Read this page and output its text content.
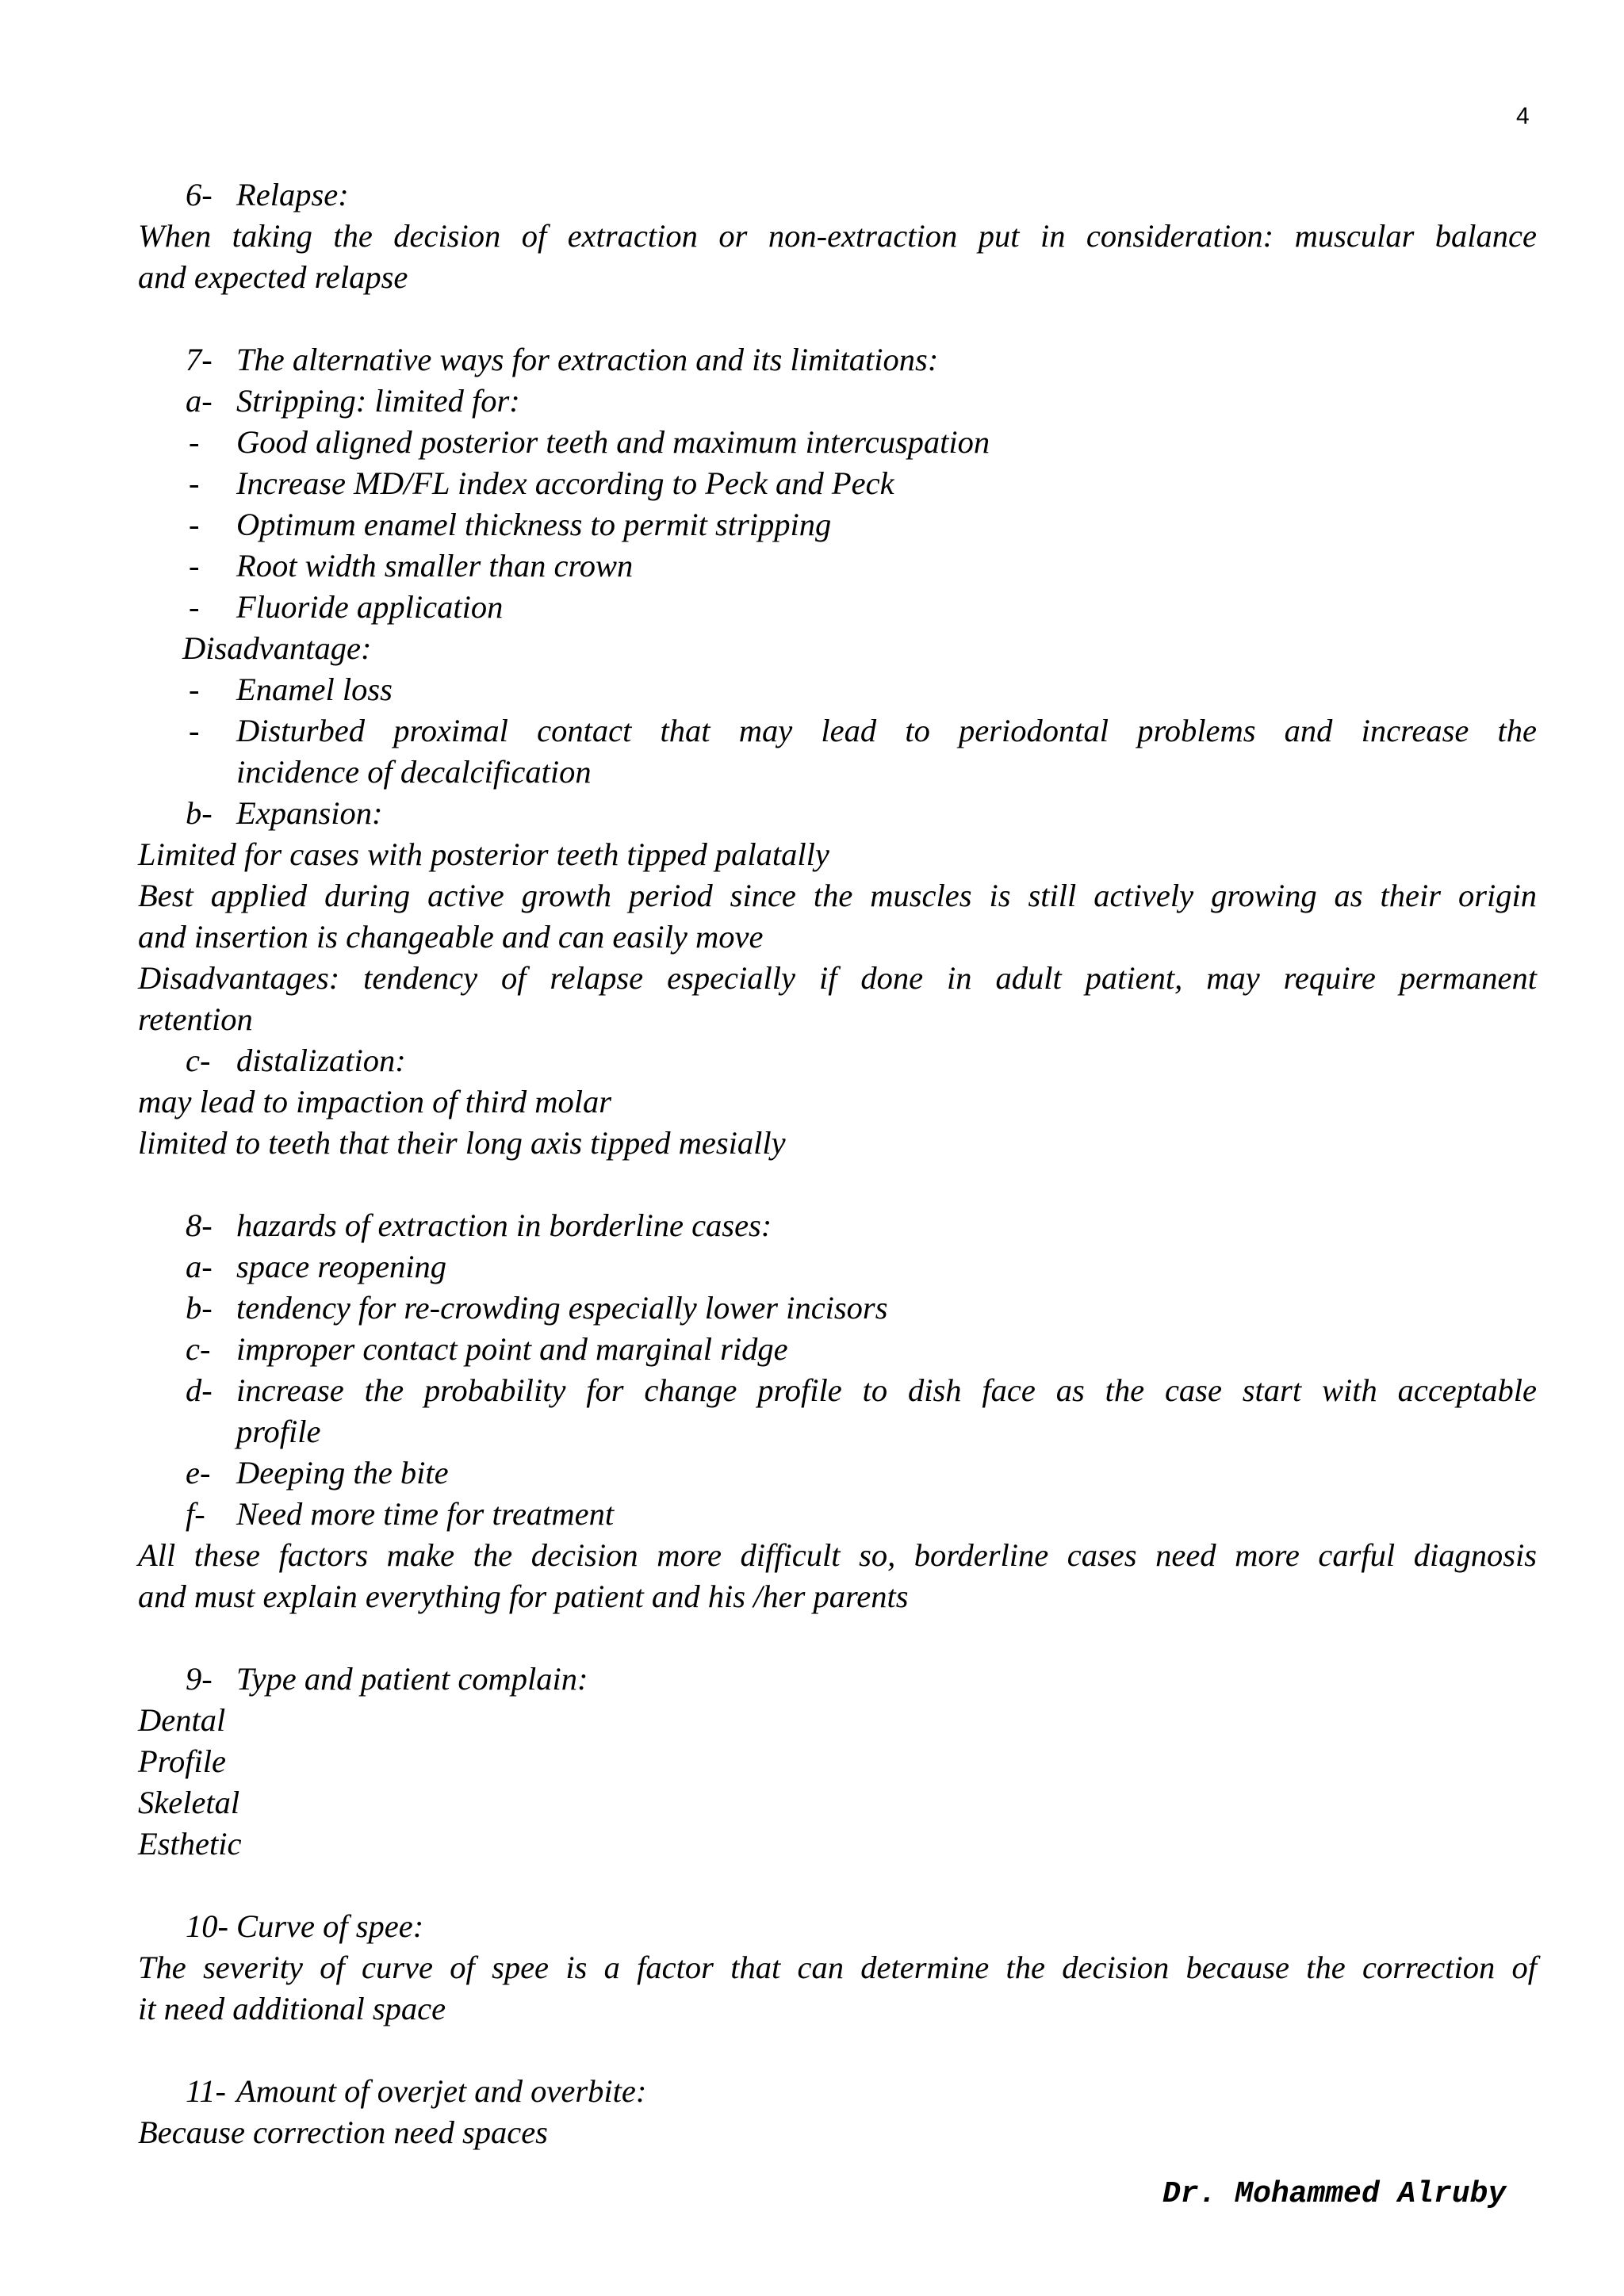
4
6- Relapse:
When taking the decision of extraction or non-extraction put in consideration: muscular balance
and expected relapse
7- The alternative ways for extraction and its limitations:
a- Stripping: limited for:
- Good aligned posterior teeth and maximum intercuspation
- Increase MD/FL index according to Peck and Peck
- Optimum enamel thickness to permit stripping
- Root width smaller than crown
- Fluoride application
Disadvantage:
- Enamel loss
- Disturbed proximal contact that may lead to periodontal problems and increase the
incidence of decalcification
b- Expansion:
Limited for cases with posterior teeth tipped palatally
Best applied during active growth period since the muscles is still actively growing as their origin
and insertion is changeable and can easily move
Disadvantages: tendency of relapse especially if done in adult patient, may require permanent
retention
c- distalization:
may lead to impaction of third molar
limited to teeth that their long axis tipped mesially
8- hazards of extraction in borderline cases:
a- space reopening
b- tendency for re-crowding especially lower incisors
c- improper contact point and marginal ridge
d- increase the probability for change profile to dish face as the case start with acceptable
profile
e- Deeping the bite
f- Need more time for treatment
All these factors make the decision more difficult so, borderline cases need more carful diagnosis
and must explain everything for patient and his /her parents
9- Type and patient complain:
Dental
Profile
Skeletal
Esthetic
10- Curve of spee:
The severity of curve of spee is a factor that can determine the decision because the correction of
it need additional space
11- Amount of overjet and overbite:
Because correction need spaces
Dr. Mohammed Alruby
